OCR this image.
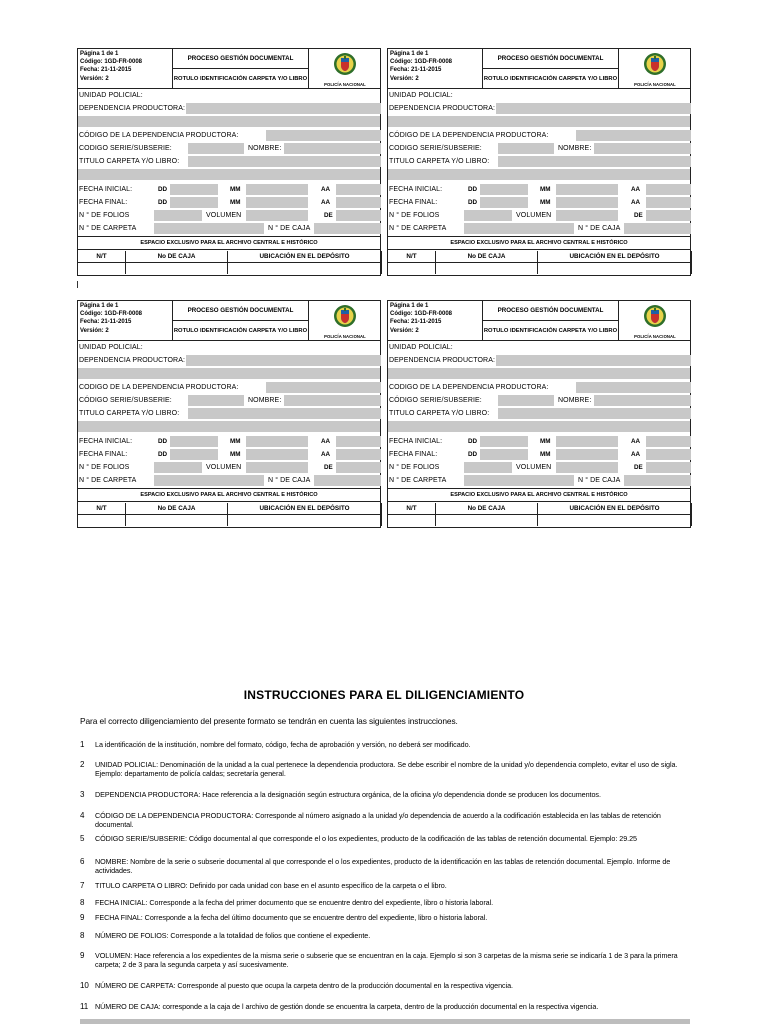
Página 1 de 1
Código: 1GD-FR-0008
Fecha: 21-11-2015
Versión: 2
PROCESO GESTIÓN DOCUMENTAL
ROTULO IDENTIFICACIÓN CARPETA Y/O LIBRO
POLICÍA NACIONAL
UNIDAD POLICIAL:
DEPENDENCIA PRODUCTORA:
CÓDIGO DE LA DEPENDENCIA PRODUCTORA:
CODIGO SERIE/SUBSERIE:	NOMBRE:
TITULO CARPETA Y/O LIBRO:
FECHA INICIAL:	DD	MM	AA
FECHA FINAL:	DD	MM	AA
N ° DE FOLIOS	VOLUMEN	DE
N ° DE CARPETA	N ° DE CAJA
ESPACIO EXCLUSIVO PARA EL ARCHIVO CENTRAL E HISTÓRICO
N/T	No DE CAJA	UBICACIÓN EN EL DEPÓSITO
Página 1 de 1
Código: 1GD-FR-0008
Fecha: 21-11-2015
Versión: 2
PROCESO GESTIÓN DOCUMENTAL
ROTULO IDENTIFICACIÓN CARPETA Y/O LIBRO
POLICÍA NACIONAL
UNIDAD POLICIAL:
DEPENDENCIA PRODUCTORA:
CÓDIGO DE LA DEPENDENCIA PRODUCTORA:
CODIGO SERIE/SUBSERIE:	NOMBRE:
TITULO CARPETA Y/O LIBRO:
FECHA INICIAL:	DD	MM	AA
FECHA FINAL:	DD	MM	AA
N ° DE FOLIOS	VOLUMEN	DE
N ° DE CARPETA	N ° DE CAJA
ESPACIO EXCLUSIVO PARA EL ARCHIVO CENTRAL E HISTÓRICO
N/T	No DE CAJA	UBICACIÓN EN EL DEPÓSITO
Página 1 de 1
Código: 1GD-FR-0008
Fecha: 21-11-2015
Versión: 2
PROCESO GESTIÓN DOCUMENTAL
ROTULO IDENTIFICACIÓN CARPETA Y/O LIBRO
POLICÍA NACIONAL
UNIDAD POLICIAL:
DEPENDENCIA PRODUCTORA:
CODIGO DE LA DEPENDENCIA PRODUCTORA:
CÓDIGO SERIE/SUBSERIE:	NOMBRE:
TITULO CARPETA Y/O LIBRO:
FECHA INICIAL:	DD	MM	AA
FECHA FINAL:	DD	MM	AA
N ° DE FOLIOS	VOLUMEN	DE
N ° DE CARPETA	N ° DE CAJA
ESPACIO EXCLUSIVO PARA EL ARCHIVO CENTRAL E HISTÓRICO
N/T	No DE CAJA	UBICACIÓN EN EL DEPÓSITO
Página 1 de 1
Código: 1GD-FR-0008
Fecha: 21-11-2015
Versión: 2
PROCESO GESTIÓN DOCUMENTAL
ROTULO IDENTIFICACIÓN CARPETA Y/O LIBRO
POLICÍA NACIONAL
UNIDAD POLICIAL:
DEPENDENCIA PRODUCTORA:
CODIGO DE LA DEPENDENCIA PRODUCTORA:
CÓDIGO SERIE/SUBSERIE:	NOMBRE:
TITULO CARPETA Y/O LIBRO:
FECHA INICIAL:	DD	MM	AA
FECHA FINAL:	DD	MM	AA
N ° DE FOLIOS	VOLUMEN	DE
N ° DE CARPETA	N ° DE CAJA
ESPACIO EXCLUSIVO PARA EL ARCHIVO CENTRAL E HISTÓRICO
N/T	No DE CAJA	UBICACIÓN EN EL DEPÓSITO
INSTRUCCIONES PARA EL DILIGENCIAMIENTO
Para el correcto diligenciamiento del presente formato se tendrán en cuenta las siguientes instrucciones.
1	La identificación de la institución, nombre del formato, código, fecha de aprobación y versión, no deberá ser modificado.
2	UNIDAD POLICIAL: Denominación de la unidad a la cual pertenece la dependencia productora. Se debe escribir el nombre de la unidad y/o dependencia completo, evitar el uso de sigla. Ejemplo: departamento de policía caldas; secretaría general.
3	DEPENDENCIA PRODUCTORA: Hace referencia a la designación según estructura orgánica, de la oficina y/o dependencia donde se producen los documentos.
4	CÓDIGO DE LA DEPENDENCIA PRODUCTORA: Corresponde al número asignado a la unidad y/o dependencia de acuerdo a la codificación establecida en las tablas de retención documental.
5	CÓDIGO SERIE/SUBSERIE: Código documental al que corresponde el o los expedientes, producto de la codificación de las tablas de retención documental. Ejemplo: 29.25
6	NOMBRE: Nombre de la serie o subserie documental al que corresponde el o los expedientes, producto de la identificación en las tablas de retención documental. Ejemplo. Informe de actividades.
7	TITULO CARPETA O LIBRO: Definido por cada unidad con base en el asunto específico de la carpeta o el libro.
8	FECHA INICIAL: Corresponde a la fecha del primer documento que se encuentre dentro del expediente, libro o historia laboral.
9	FECHA FINAL: Corresponde a la fecha del último documento que se encuentre dentro del expediente, libro o historia laboral.
8	NÚMERO DE FOLIOS: Corresponde a la totalidad de folios que contiene el expediente.
9	VOLUMEN: Hace referencia a los expedientes de la misma serie o subserie que se encuentran en la caja. Ejemplo si son 3 carpetas de la misma serie se indicaría 1 de 3 para la primera carpeta; 2 de 3 para la segunda carpeta y así sucesivamente.
10 NÚMERO DE CARPETA: Corresponde al puesto que ocupa la carpeta dentro de la producción documental en la respectiva vigencia.
11 NÚMERO DE CAJA: corresponde a la caja de l archivo de gestión donde se encuentra la carpeta, dentro de la producción documental en la respectiva vigencia.
